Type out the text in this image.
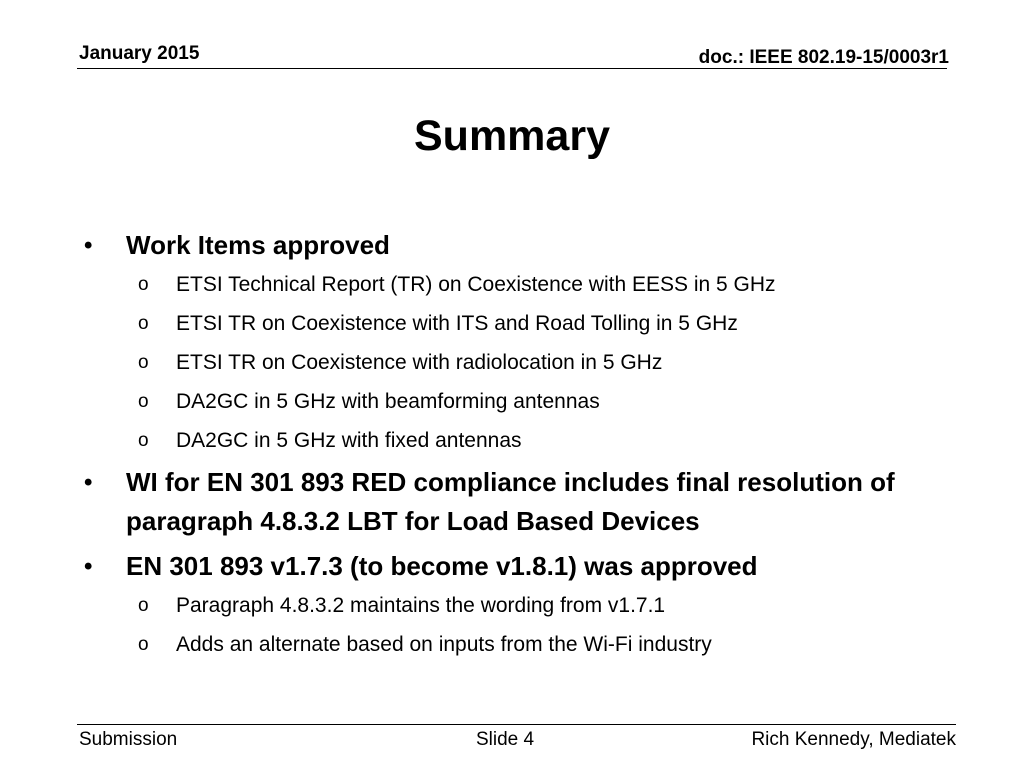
January 2015	doc.: IEEE 802.19-15/0003r1
Summary
•	Work Items approved
o	ETSI Technical Report (TR) on Coexistence with EESS in 5 GHz
o	ETSI TR on Coexistence with ITS and Road Tolling in 5 GHz
o	ETSI TR on Coexistence with radiolocation in 5 GHz
o	DA2GC in 5 GHz with beamforming antennas
o	DA2GC in 5 GHz with fixed antennas
•	WI for EN 301 893 RED compliance includes final resolution of paragraph 4.8.3.2 LBT for Load Based Devices
•	EN 301 893 v1.7.3 (to become v1.8.1) was approved
o	Paragraph 4.8.3.2 maintains the wording from v1.7.1
o	Adds an alternate based on inputs from the Wi-Fi industry
Submission	Slide 4	Rich Kennedy, Mediatek
